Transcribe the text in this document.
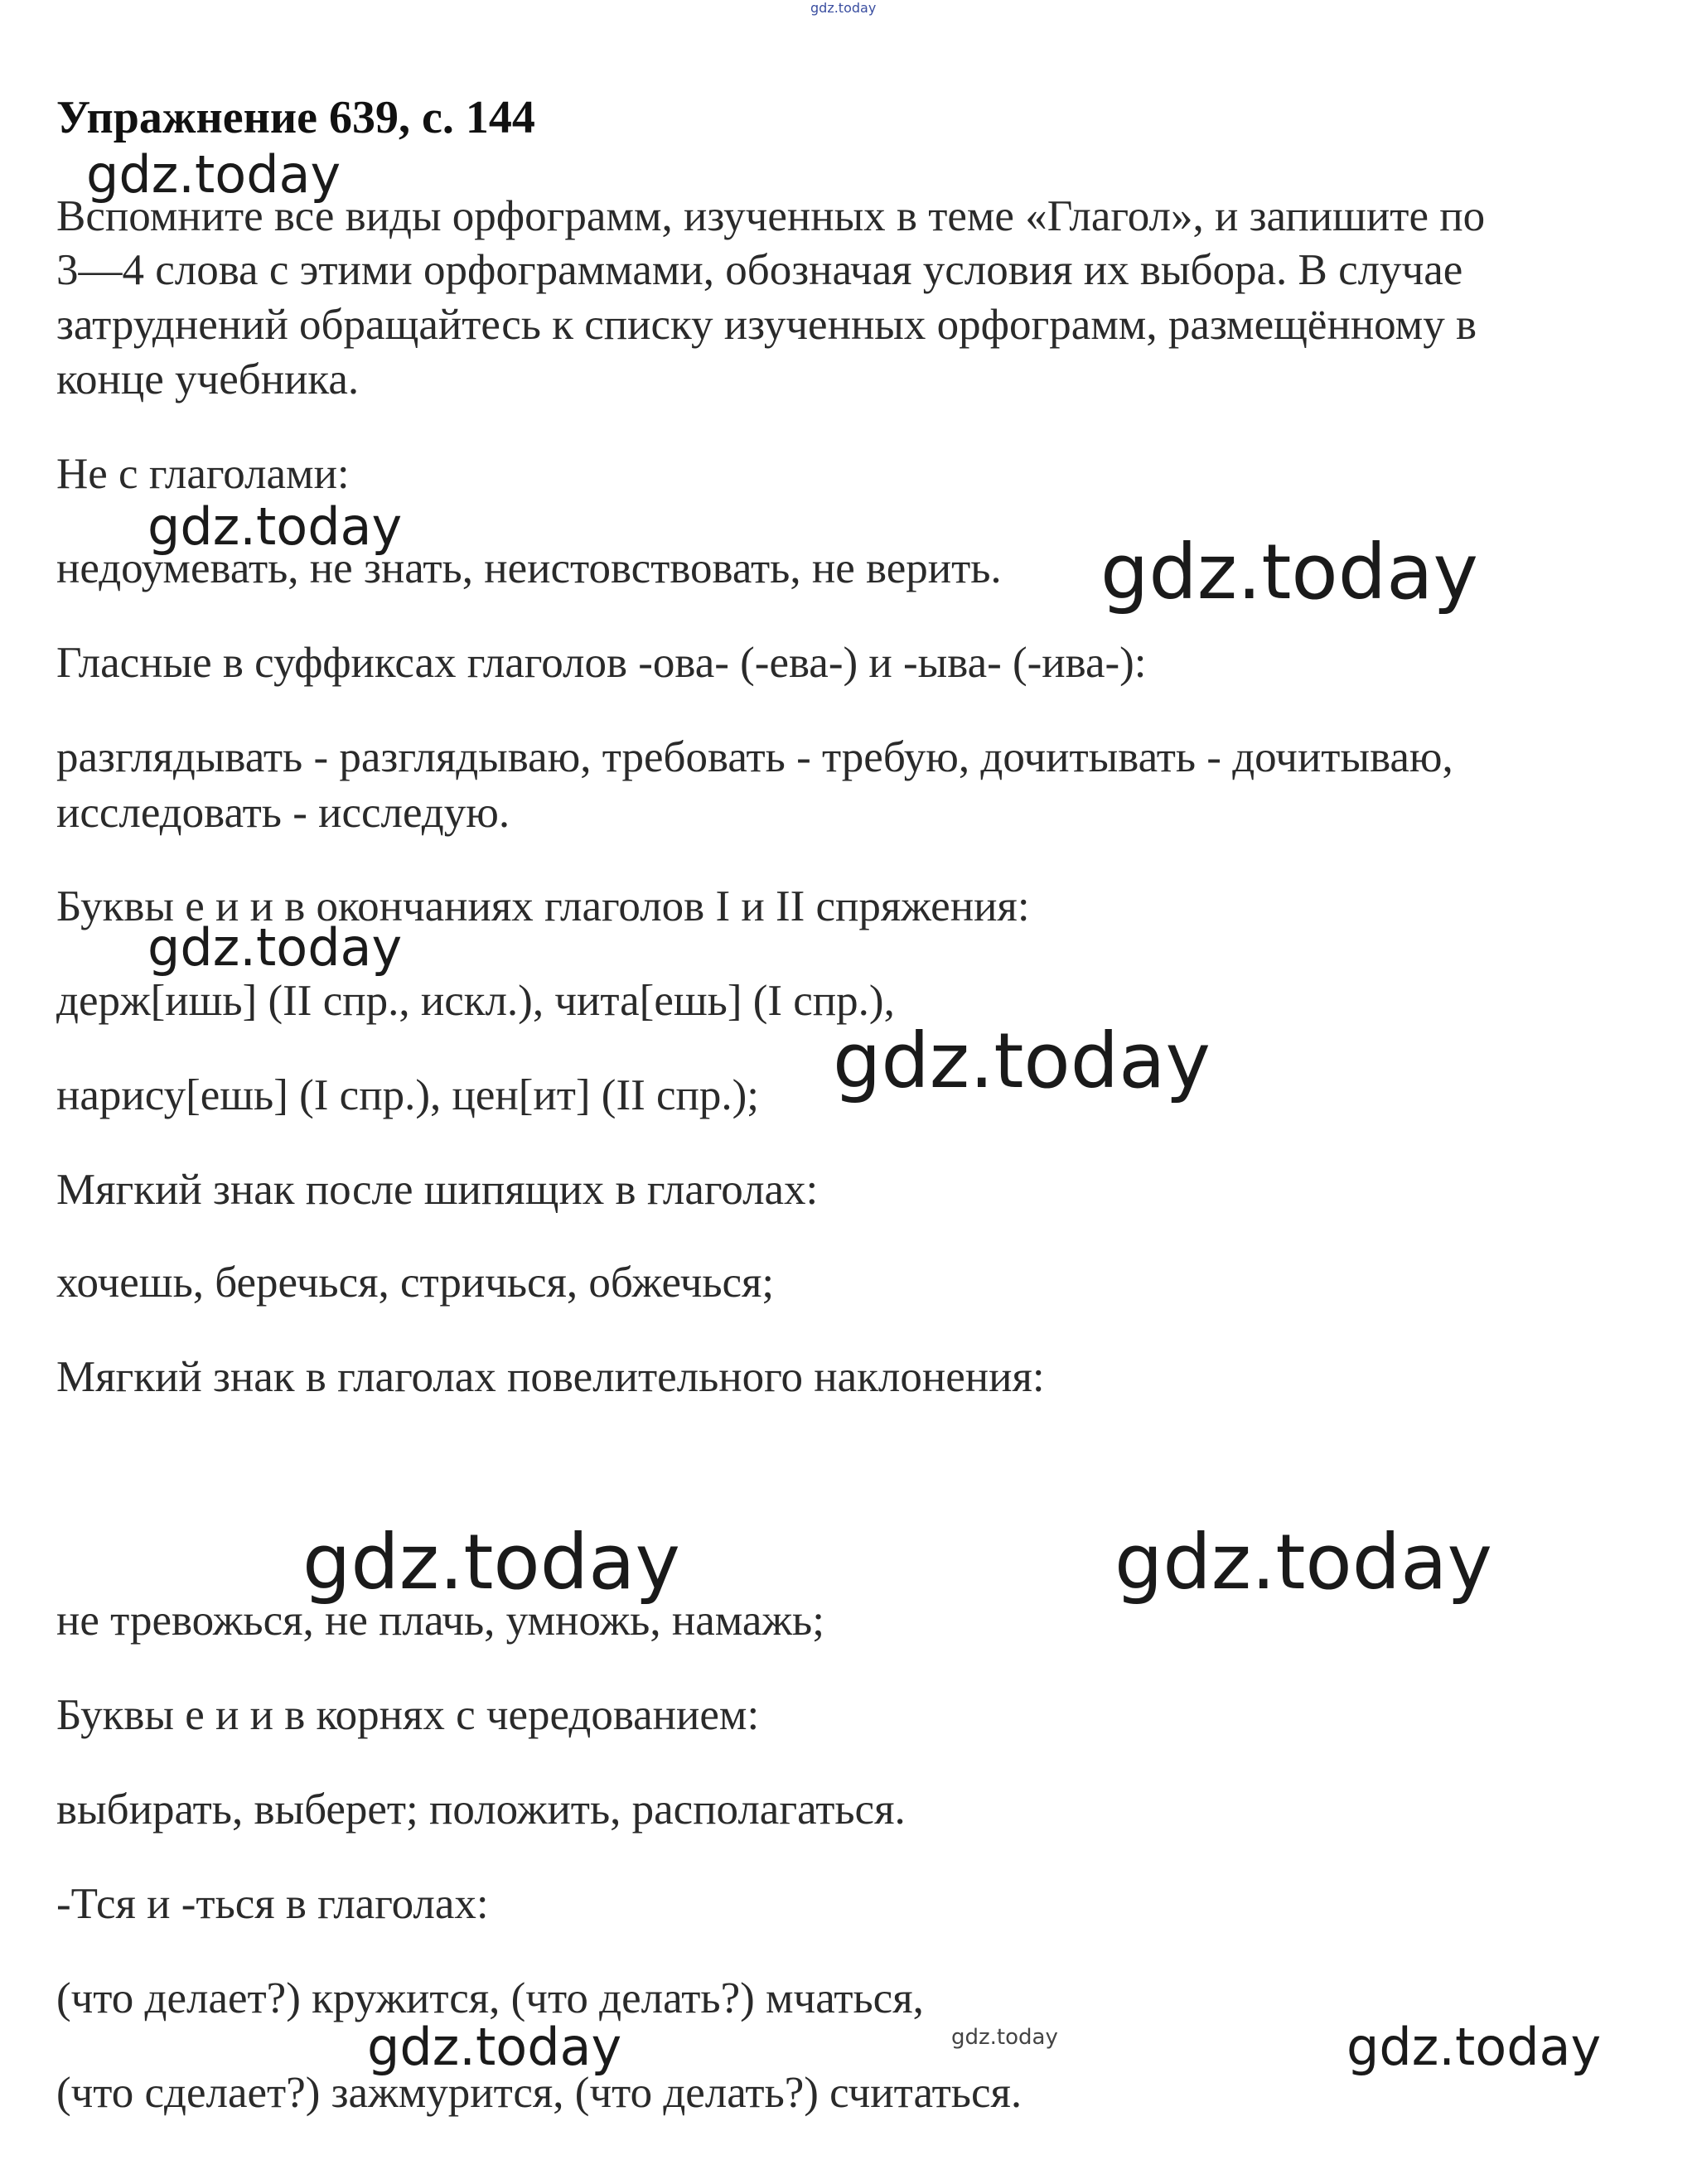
gdz.today
gdz.today
gdz.today
gdz.today
gdz.today
gdz.today
gdz.today	gdz.today
gdz.today	gdz.today	gdz.today
Упражнение 639, с. 144
Вспомните все виды орфограмм, изученных в теме «Глагол», и запишите по
3—4 слова с этими орфограммами, обозначая условия их выбора. В случае
затруднений обращайтесь к списку изученных орфограмм, размещённому в
конце учебника.
Не с глаголами:
недоумевать, не знать, неистовствовать, не верить.
Гласные в суффиксах глаголов -ова- (-ева-) и -ыва- (-ива-):
разглядывать - разглядываю, требовать - требую, дочитывать - дочитываю,
исследовать - исследую.
Буквы е и и в окончаниях глаголов I и II спряжения:
держ[ишь] (II спр., искл.), чита[ешь] (I спр.),
нарису[ешь] (I спр.), цен[ит] (II спр.);
Мягкий знак после шипящих в глаголах:
хочешь, беречься, стричься, обжечься;
Мягкий знак в глаголах повелительного наклонения:
не тревожься, не плачь, умножь, намажь;
Буквы е и и в корнях с чередованием:
выбирать, выберет; положить, располагаться.
-Тся и -ться в глаголах:
(что делает?) кружится, (что делать?) мчаться,
(что сделает?) зажмурится, (что делать?) считаться.
